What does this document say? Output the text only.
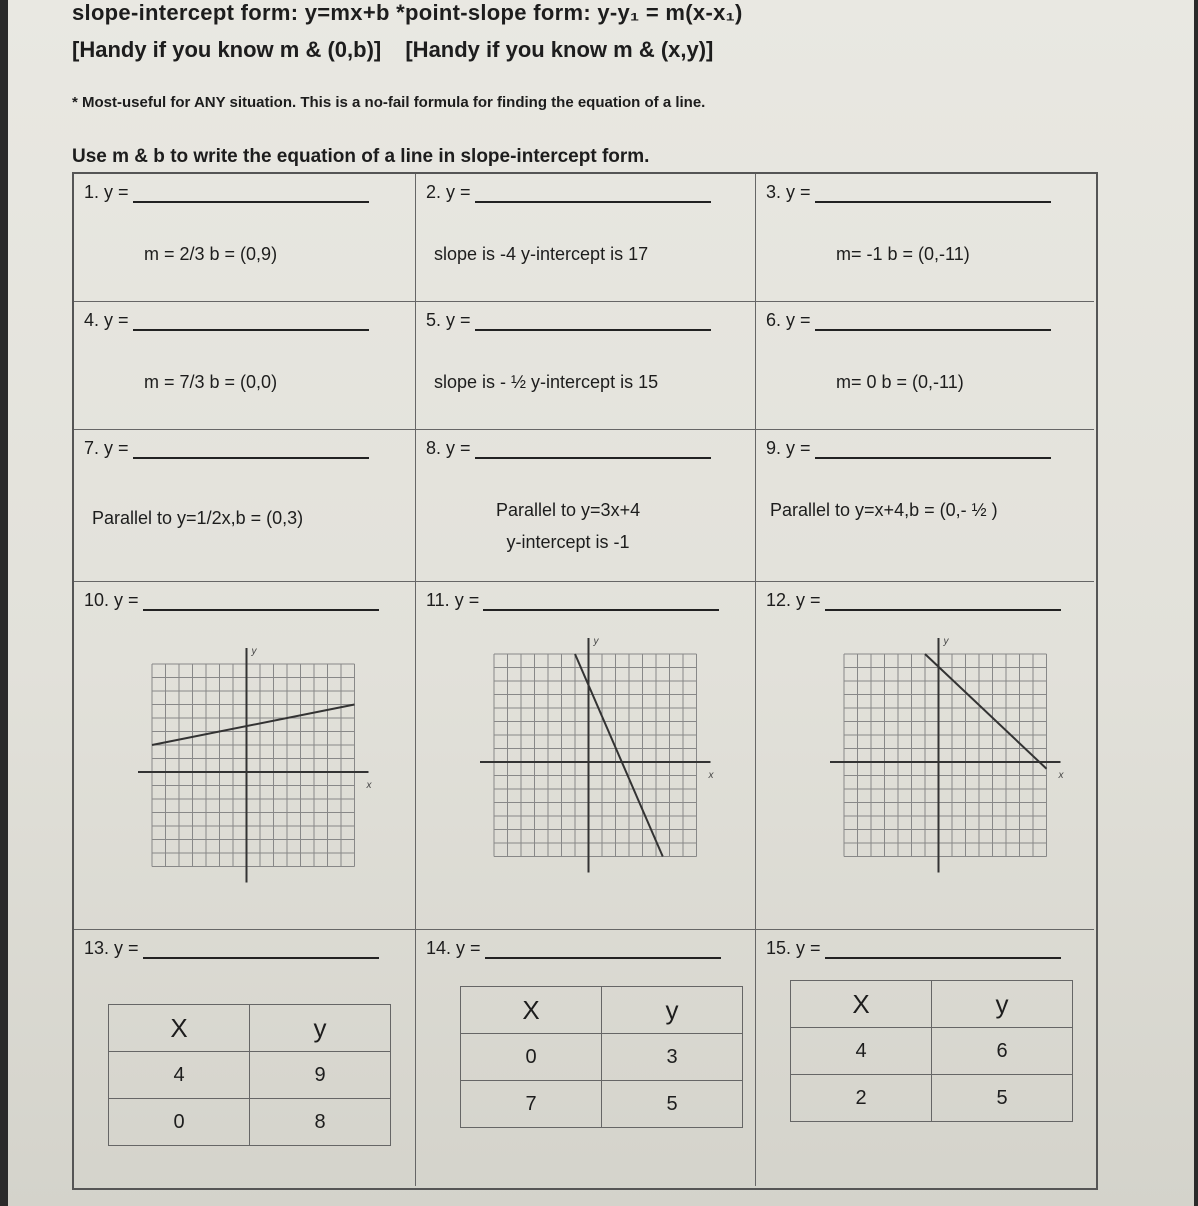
slope-intercept form: y=mx+b *point-slope form: y-y₁ = m(x-x₁)
[Handy if you know m & (0,b)] [Handy if you know m & (x,y)]
* Most-useful for ANY situation. This is a no-fail formula for finding the equation of a line.
Use m & b to write the equation of a line in slope-intercept form.
1. y =
m = 2/3 b = (0,9)
2. y =
slope is -4 y-intercept is 17
3. y =
m= -1 b = (0,-11)
4. y =
m = 7/3 b = (0,0)
5. y =
slope is - ½ y-intercept is 15
6. y =
m= 0 b = (0,-11)
7. y =
Parallel to y=1/2x,b = (0,3)
8. y =
Parallel to y=3x+4
y-intercept is -1
9. y =
Parallel to y=x+4,b = (0,- ½ )
10. y =
x
y
11. y =
x
y
12. y =
x
y
13. y =
X	y
4	9
0	8
14. y =
X	y
0	3
7	5
15. y =
X	y
4	6
2	5
